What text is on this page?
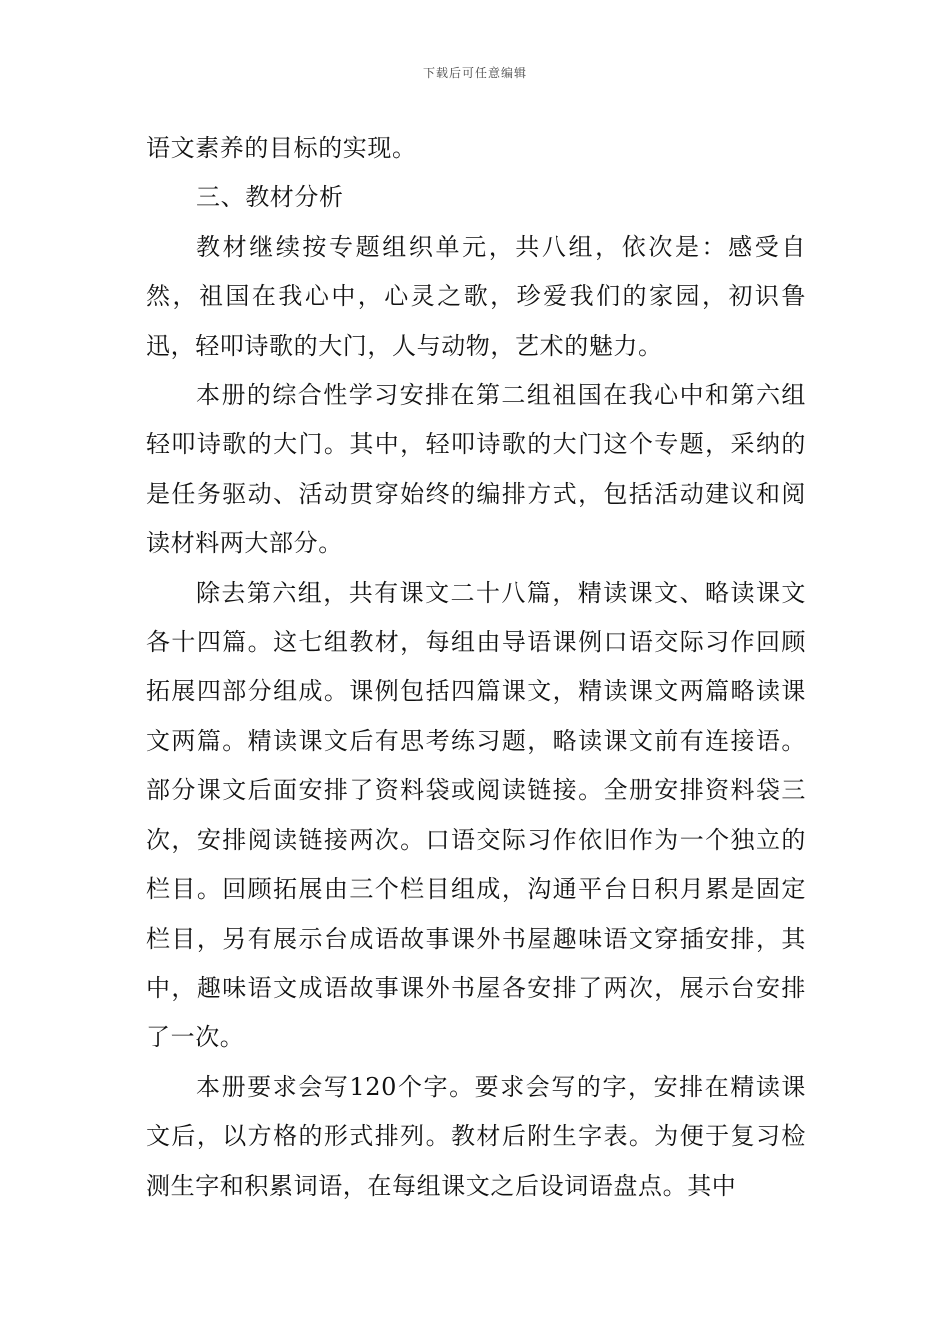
下载后可任意编辑

语文素养的目标的实现。

三、教材分析

教材继续按专题组织单元，共八组，依次是：感受自然，祖国在我心中，心灵之歌，珍爱我们的家园，初识鲁迅，轻叩诗歌的大门，人与动物，艺术的魅力。

本册的综合性学习安排在第二组祖国在我心中和第六组轻叩诗歌的大门。其中，轻叩诗歌的大门这个专题，采纳的是任务驱动、活动贯穿始终的编排方式，包括活动建议和阅读材料两大部分。

除去第六组，共有课文二十八篇，精读课文、略读课文各十四篇。这七组教材，每组由导语课例口语交际习作回顾拓展四部分组成。课例包括四篇课文，精读课文两篇略读课文两篇。精读课文后有思考练习题，略读课文前有连接语。部分课文后面安排了资料袋或阅读链接。全册安排资料袋三次，安排阅读链接两次。口语交际习作依旧作为一个独立的栏目。回顾拓展由三个栏目组成，沟通平台日积月累是固定栏目，另有展示台成语故事课外书屋趣味语文穿插安排，其中，趣味语文成语故事课外书屋各安排了两次，展示台安排了一次。

本册要求会写120个字。要求会写的字，安排在精读课文后，以方格的形式排列。教材后附生字表。为便于复习检测生字和积累词语，在每组课文之后设词语盘点。其中
